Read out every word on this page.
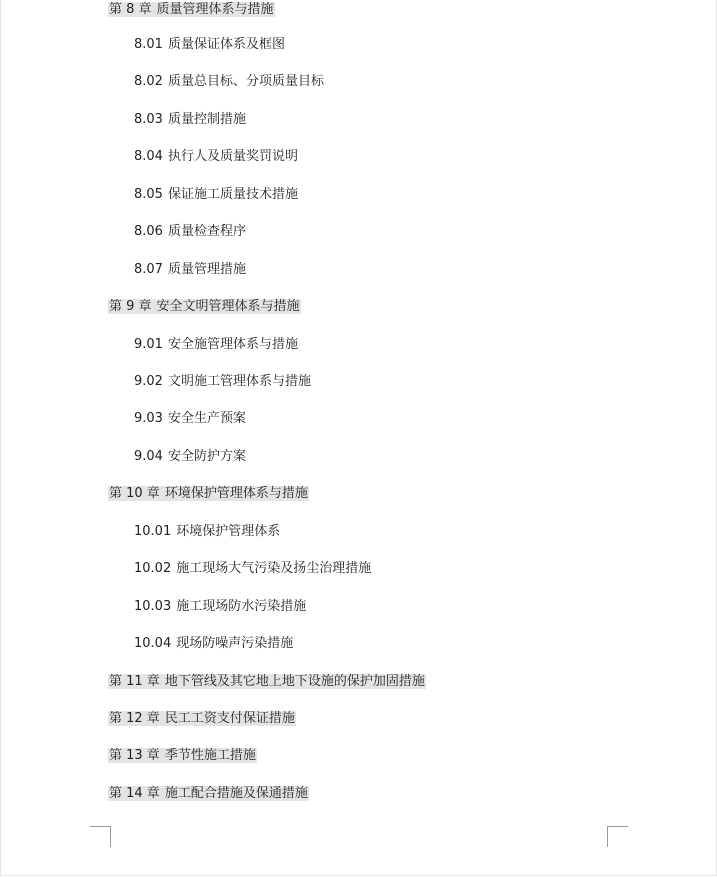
第 8 章 质量管理体系与措施
8.01 质量保证体系及框图
8.02 质量总目标、分项质量目标
8.03 质量控制措施
8.04 执行人及质量奖罚说明
8.05 保证施工质量技术措施
8.06 质量检查程序
8.07 质量管理措施
第 9 章 安全文明管理体系与措施
9.01 安全施管理体系与措施
9.02 文明施工管理体系与措施
9.03 安全生产预案
9.04 安全防护方案
第 10 章 环境保护管理体系与措施
10.01 环境保护管理体系
10.02 施工现场大气污染及扬尘治理措施
10.03 施工现场防水污染措施
10.04 现场防噪声污染措施
第 11 章 地下管线及其它地上地下设施的保护加固措施
第 12 章 民工工资支付保证措施
第 13 章 季节性施工措施
第 14 章 施工配合措施及保通措施
